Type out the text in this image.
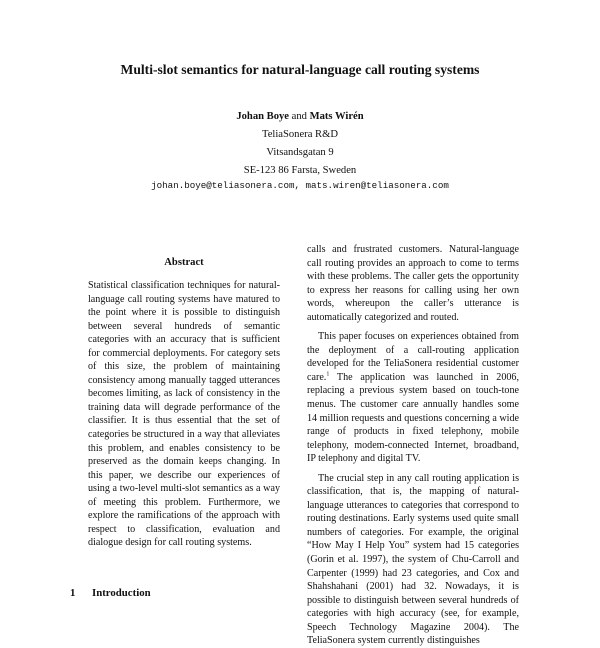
Multi-slot semantics for natural-language call routing systems
Johan Boye and Mats Wirén
TeliaSonera R&D
Vitsandsgatan 9
SE-123 86 Farsta, Sweden
johan.boye@teliasonera.com, mats.wiren@teliasonera.com
Abstract

Statistical classification techniques for natural-language call routing systems have matured to the point where it is possible to distinguish between several hundreds of semantic categories with an accuracy that is sufficient for commercial deployments. For category sets of this size, the problem of maintaining consistency among manually tagged utterances becomes limiting, as lack of consistency in the training data will degrade performance of the classifier. It is thus essential that the set of categories be structured in a way that alleviates this problem, and enables consistency to be preserved as the domain keeps changing. In this paper, we describe our experiences of using a two-level multi-slot semantics as a way of meeting this problem. Furthermore, we explore the ramifications of the approach with respect to classification, evaluation and dialogue design for call routing systems.

calls and frustrated customers. Natural-language call routing provides an approach to come to terms with these problems. The caller gets the opportunity to express her reasons for calling using her own words, whereupon the caller’s utterance is automatically categorized and routed.

This paper focuses on experiences obtained from the deployment of a call-routing application developed for the TeliaSonera residential customer care.$^1$ The application was launched in 2006, replacing a previous system based on touch-tone menus. The customer care annually handles some 14 million requests and questions concerning a wide range of products in fixed telephony, mobile telephony, modem-connected Internet, broadband, IP telephony and digital TV.

The crucial step in any call routing application is classification, that is, the mapping of natural-language utterances to categories that correspond to routing destinations. Early systems used quite small numbers of categories. For example, the original “How May I Help You” system had 15 categories (Gorin et al. 1997), the system of Chu-Carroll and Carpenter (1999) had 23 categories, and Cox and Shahshahani (2001) had 32. Nowadays, it is possible to distinguish between several hundreds of categories with high accuracy (see, for example, Speech Technology Magazine 2004). The TeliaSonera system currently distinguishes

1 Introduction
